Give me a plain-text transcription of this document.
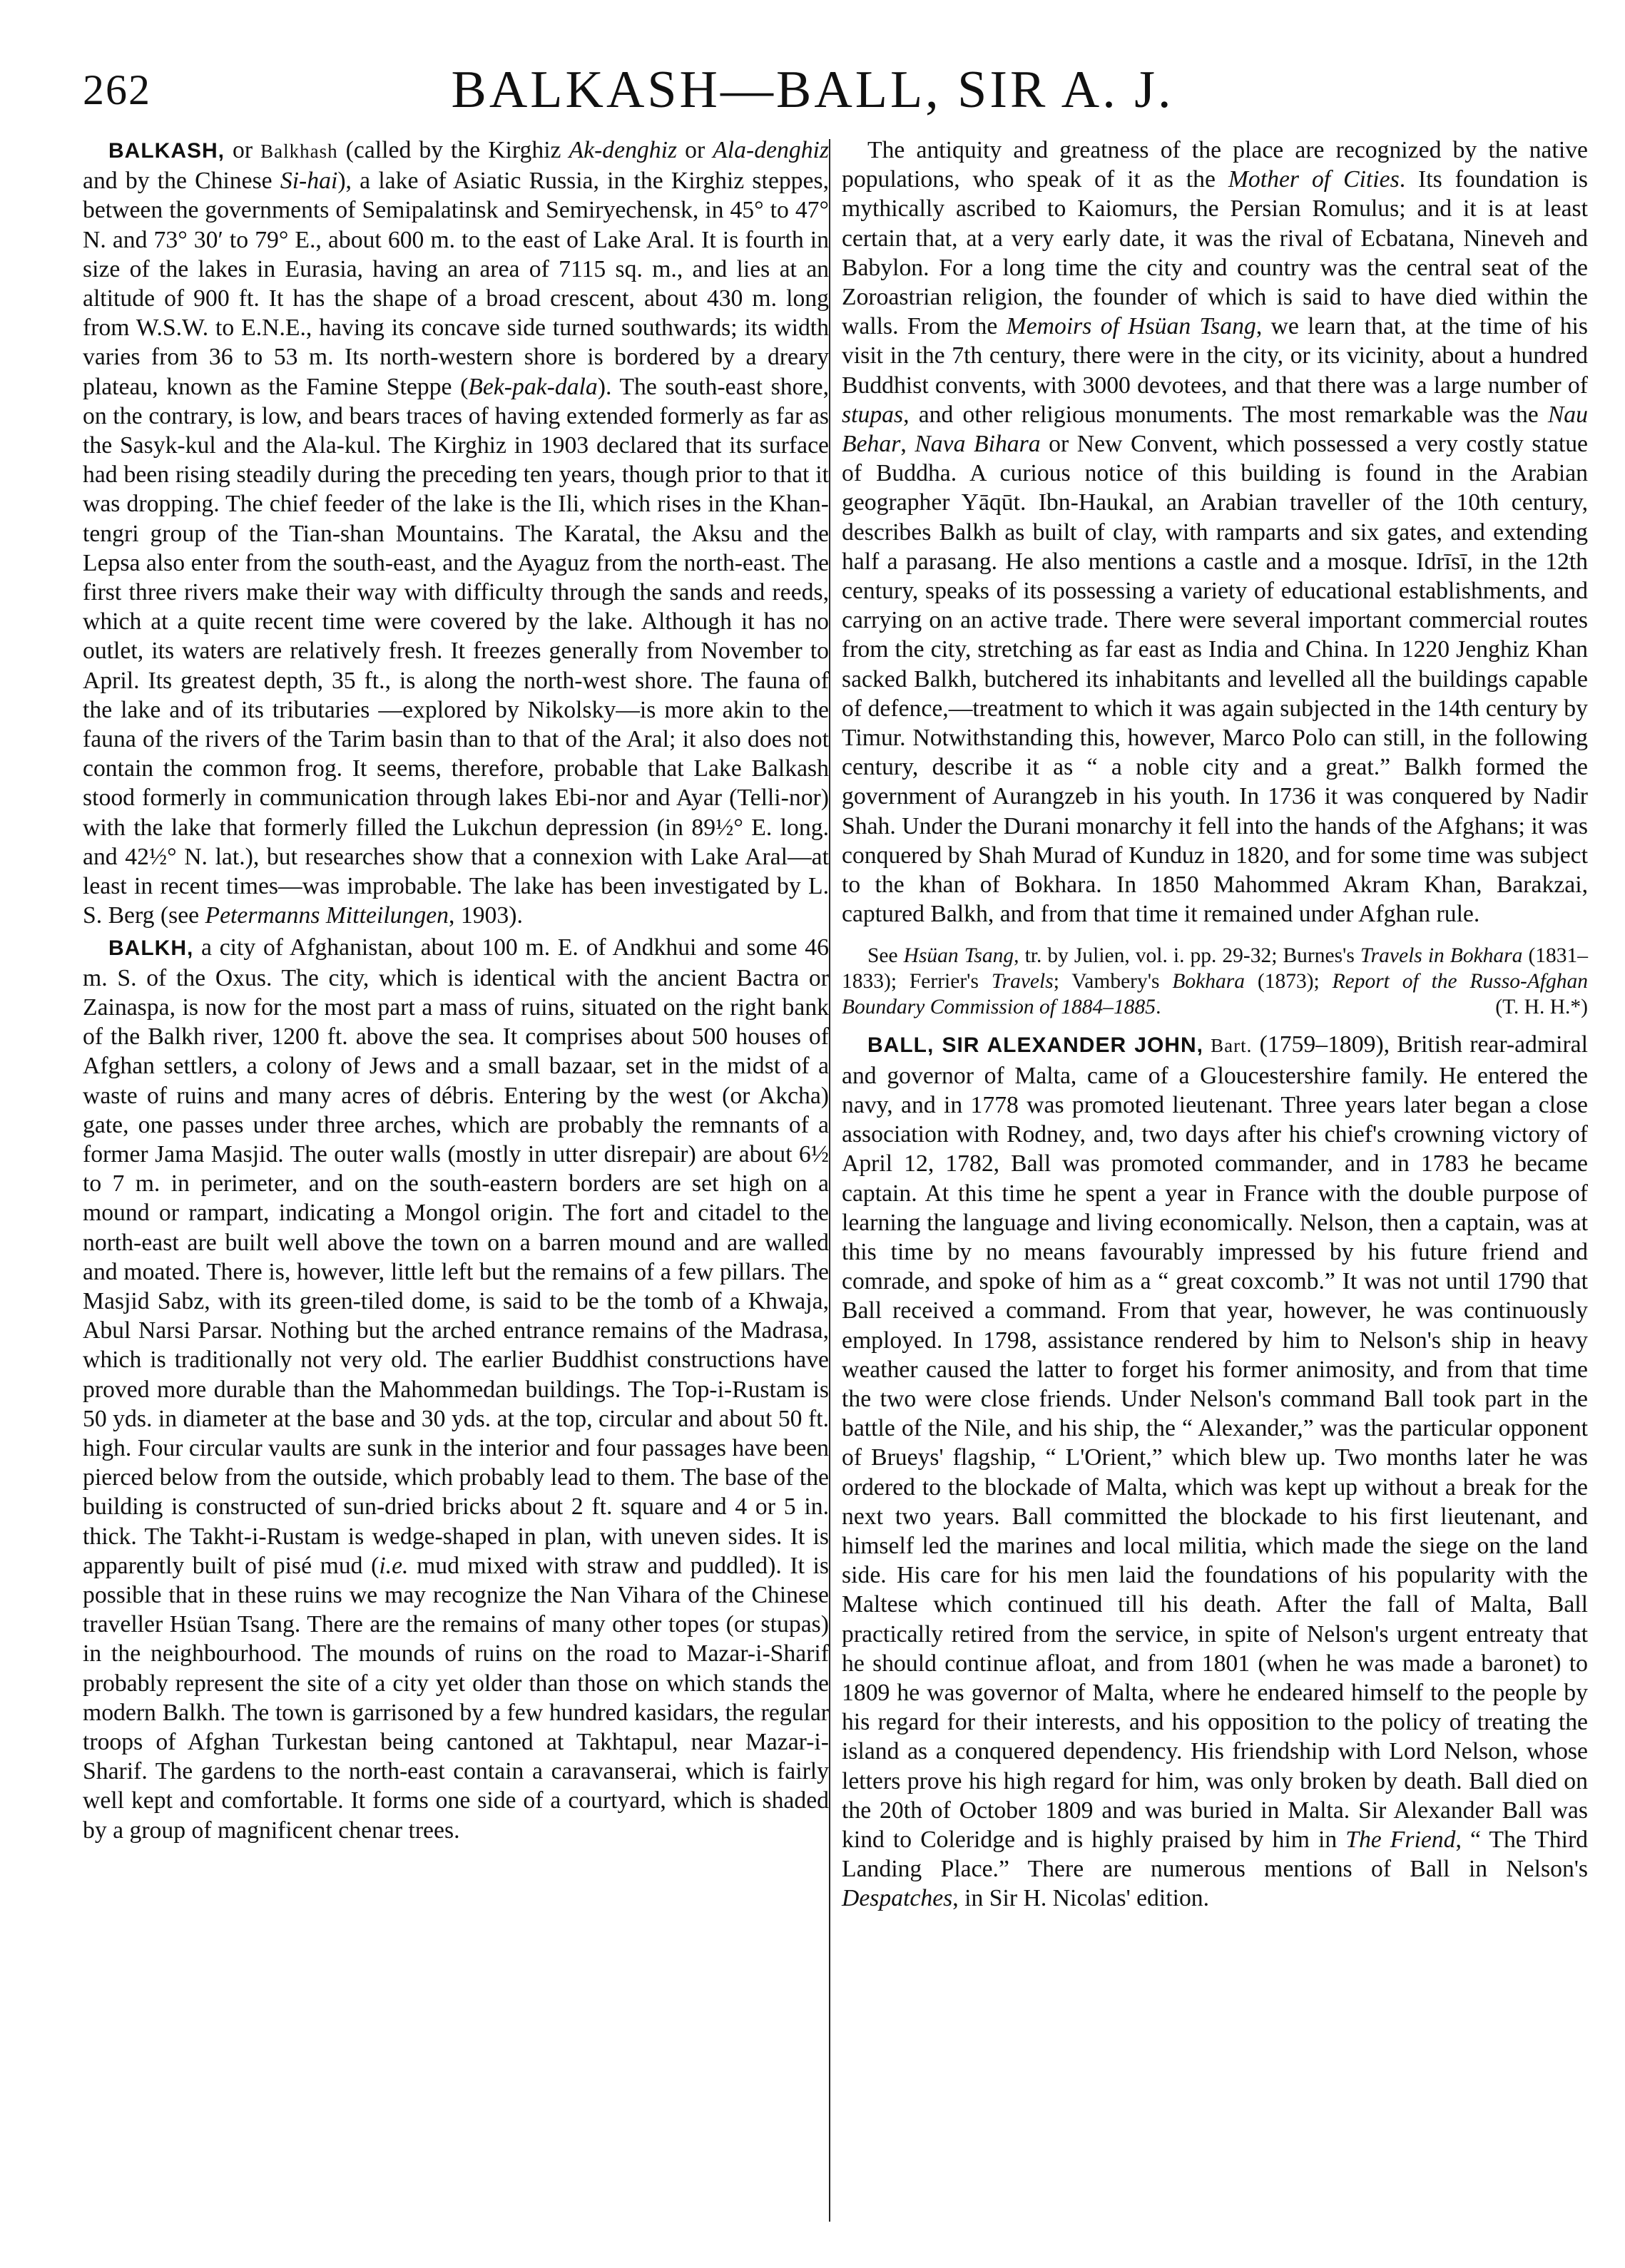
262	BALKASH—BALL, SIR A. J.

BALKASH, or Balkhash (called by the Kirghiz Ak-denghiz or Ala-denghiz and by the Chinese Si-hai), a lake of Asiatic Russia, in the Kirghiz steppes, between the governments of Semipalatinsk and Semiryechensk, in 45° to 47° N. and 73° 30′ to 79° E., about 600 m. to the east of Lake Aral. It is fourth in size of the lakes in Eurasia, having an area of 7115 sq. m., and lies at an altitude of 900 ft. It has the shape of a broad crescent, about 430 m. long from W.S.W. to E.N.E., having its concave side turned southwards; its width varies from 36 to 53 m. Its north-western shore is bordered by a dreary plateau, known as the Famine Steppe (Bek-pak-dala). The south-east shore, on the contrary, is low, and bears traces of having extended formerly as far as the Sasyk-kul and the Ala-kul. The Kirghiz in 1903 declared that its surface had been rising steadily during the preceding ten years, though prior to that it was dropping. The chief feeder of the lake is the Ili, which rises in the Khan-tengri group of the Tian-shan Mountains. The Karatal, the Aksu and the Lepsa also enter from the south-east, and the Ayaguz from the north-east. The first three rivers make their way with difficulty through the sands and reeds, which at a quite recent time were covered by the lake. Although it has no outlet, its waters are relatively fresh. It freezes generally from November to April. Its greatest depth, 35 ft., is along the north-west shore. The fauna of the lake and of its tributaries —explored by Nikolsky—is more akin to the fauna of the rivers of the Tarim basin than to that of the Aral; it also does not contain the common frog. It seems, therefore, probable that Lake Balkash stood formerly in communication through lakes Ebi-nor and Ayar (Telli-nor) with the lake that formerly filled the Lukchun depression (in 89½° E. long. and 42½° N. lat.), but researches show that a connexion with Lake Aral—at least in recent times—was improbable. The lake has been investigated by L. S. Berg (see Petermanns Mitteilungen, 1903).

BALKH, a city of Afghanistan, about 100 m. E. of Andkhui and some 46 m. S. of the Oxus. The city, which is identical with the ancient Bactra or Zainaspa, is now for the most part a mass of ruins, situated on the right bank of the Balkh river, 1200 ft. above the sea. It comprises about 500 houses of Afghan settlers, a colony of Jews and a small bazaar, set in the midst of a waste of ruins and many acres of débris. Entering by the west (or Akcha) gate, one passes under three arches, which are probably the remnants of a former Jama Masjid. The outer walls (mostly in utter disrepair) are about 6½ to 7 m. in perimeter, and on the south-eastern borders are set high on a mound or rampart, indicating a Mongol origin. The fort and citadel to the north-east are built well above the town on a barren mound and are walled and moated. There is, however, little left but the remains of a few pillars. The Masjid Sabz, with its green-tiled dome, is said to be the tomb of a Khwaja, Abul Narsi Parsar. Nothing but the arched entrance remains of the Madrasa, which is traditionally not very old. The earlier Buddhist constructions have proved more durable than the Mahommedan buildings. The Top-i-Rustam is 50 yds. in diameter at the base and 30 yds. at the top, circular and about 50 ft. high. Four circular vaults are sunk in the interior and four passages have been pierced below from the outside, which probably lead to them. The base of the building is constructed of sun-dried bricks about 2 ft. square and 4 or 5 in. thick. The Takht-i-Rustam is wedge-shaped in plan, with uneven sides. It is apparently built of pisé mud (i.e. mud mixed with straw and puddled). It is possible that in these ruins we may recognize the Nan Vihara of the Chinese traveller Hsüan Tsang. There are the remains of many other topes (or stupas) in the neighbourhood. The mounds of ruins on the road to Mazar-i-Sharif probably represent the site of a city yet older than those on which stands the modern Balkh. The town is garrisoned by a few hundred kasidars, the regular troops of Afghan Turkestan being cantoned at Takhtapul, near Mazar-i-Sharif. The gardens to the north-east contain a caravanserai, which is fairly well kept and comfortable. It forms one side of a courtyard, which is shaded by a group of magnificent chenar trees.

The antiquity and greatness of the place are recognized by the native populations, who speak of it as the Mother of Cities. Its foundation is mythically ascribed to Kaiomurs, the Persian Romulus; and it is at least certain that, at a very early date, it was the rival of Ecbatana, Nineveh and Babylon. For a long time the city and country was the central seat of the Zoroastrian religion, the founder of which is said to have died within the walls. From the Memoirs of Hsüan Tsang, we learn that, at the time of his visit in the 7th century, there were in the city, or its vicinity, about a hundred Buddhist convents, with 3000 devotees, and that there was a large number of stupas, and other religious monuments. The most remarkable was the Nau Behar, Nava Bihara or New Convent, which possessed a very costly statue of Buddha. A curious notice of this building is found in the Arabian geographer Yāqūt. Ibn-Haukal, an Arabian traveller of the 10th century, describes Balkh as built of clay, with ramparts and six gates, and extending half a parasang. He also mentions a castle and a mosque. Idrīsī, in the 12th century, speaks of its possessing a variety of educational establishments, and carrying on an active trade. There were several important commercial routes from the city, stretching as far east as India and China. In 1220 Jenghiz Khan sacked Balkh, butchered its inhabitants and levelled all the buildings capable of defence,—treatment to which it was again subjected in the 14th century by Timur. Notwithstanding this, however, Marco Polo can still, in the following century, describe it as “ a noble city and a great.” Balkh formed the government of Aurangzeb in his youth. In 1736 it was conquered by Nadir Shah. Under the Durani monarchy it fell into the hands of the Afghans; it was conquered by Shah Murad of Kunduz in 1820, and for some time was subject to the khan of Bokhara. In 1850 Mahommed Akram Khan, Barakzai, captured Balkh, and from that time it remained under Afghan rule.

See Hsüan Tsang, tr. by Julien, vol. i. pp. 29-32; Burnes's Travels in Bokhara (1831–1833); Ferrier's Travels; Vambery's Bokhara (1873); Report of the Russo-Afghan Boundary Commission of 1884–1885.	(T. H. H.*)

BALL, SIR ALEXANDER JOHN, Bart. (1759–1809), British rear-admiral and governor of Malta, came of a Gloucestershire family. He entered the navy, and in 1778 was promoted lieutenant. Three years later began a close association with Rodney, and, two days after his chief's crowning victory of April 12, 1782, Ball was promoted commander, and in 1783 he became captain. At this time he spent a year in France with the double purpose of learning the language and living economically. Nelson, then a captain, was at this time by no means favourably impressed by his future friend and comrade, and spoke of him as a “ great coxcomb.” It was not until 1790 that Ball received a command. From that year, however, he was continuously employed. In 1798, assistance rendered by him to Nelson's ship in heavy weather caused the latter to forget his former animosity, and from that time the two were close friends. Under Nelson's command Ball took part in the battle of the Nile, and his ship, the “ Alexander,” was the particular opponent of Brueys' flagship, “ L'Orient,” which blew up. Two months later he was ordered to the blockade of Malta, which was kept up without a break for the next two years. Ball committed the blockade to his first lieutenant, and himself led the marines and local militia, which made the siege on the land side. His care for his men laid the foundations of his popularity with the Maltese which continued till his death. After the fall of Malta, Ball practically retired from the service, in spite of Nelson's urgent entreaty that he should continue afloat, and from 1801 (when he was made a baronet) to 1809 he was governor of Malta, where he endeared himself to the people by his regard for their interests, and his opposition to the policy of treating the island as a conquered dependency. His friendship with Lord Nelson, whose letters prove his high regard for him, was only broken by death. Ball died on the 20th of October 1809 and was buried in Malta. Sir Alexander Ball was kind to Coleridge and is highly praised by him in The Friend, “ The Third Landing Place.” There are numerous mentions of Ball in Nelson's Despatches, in Sir H. Nicolas' edition.
